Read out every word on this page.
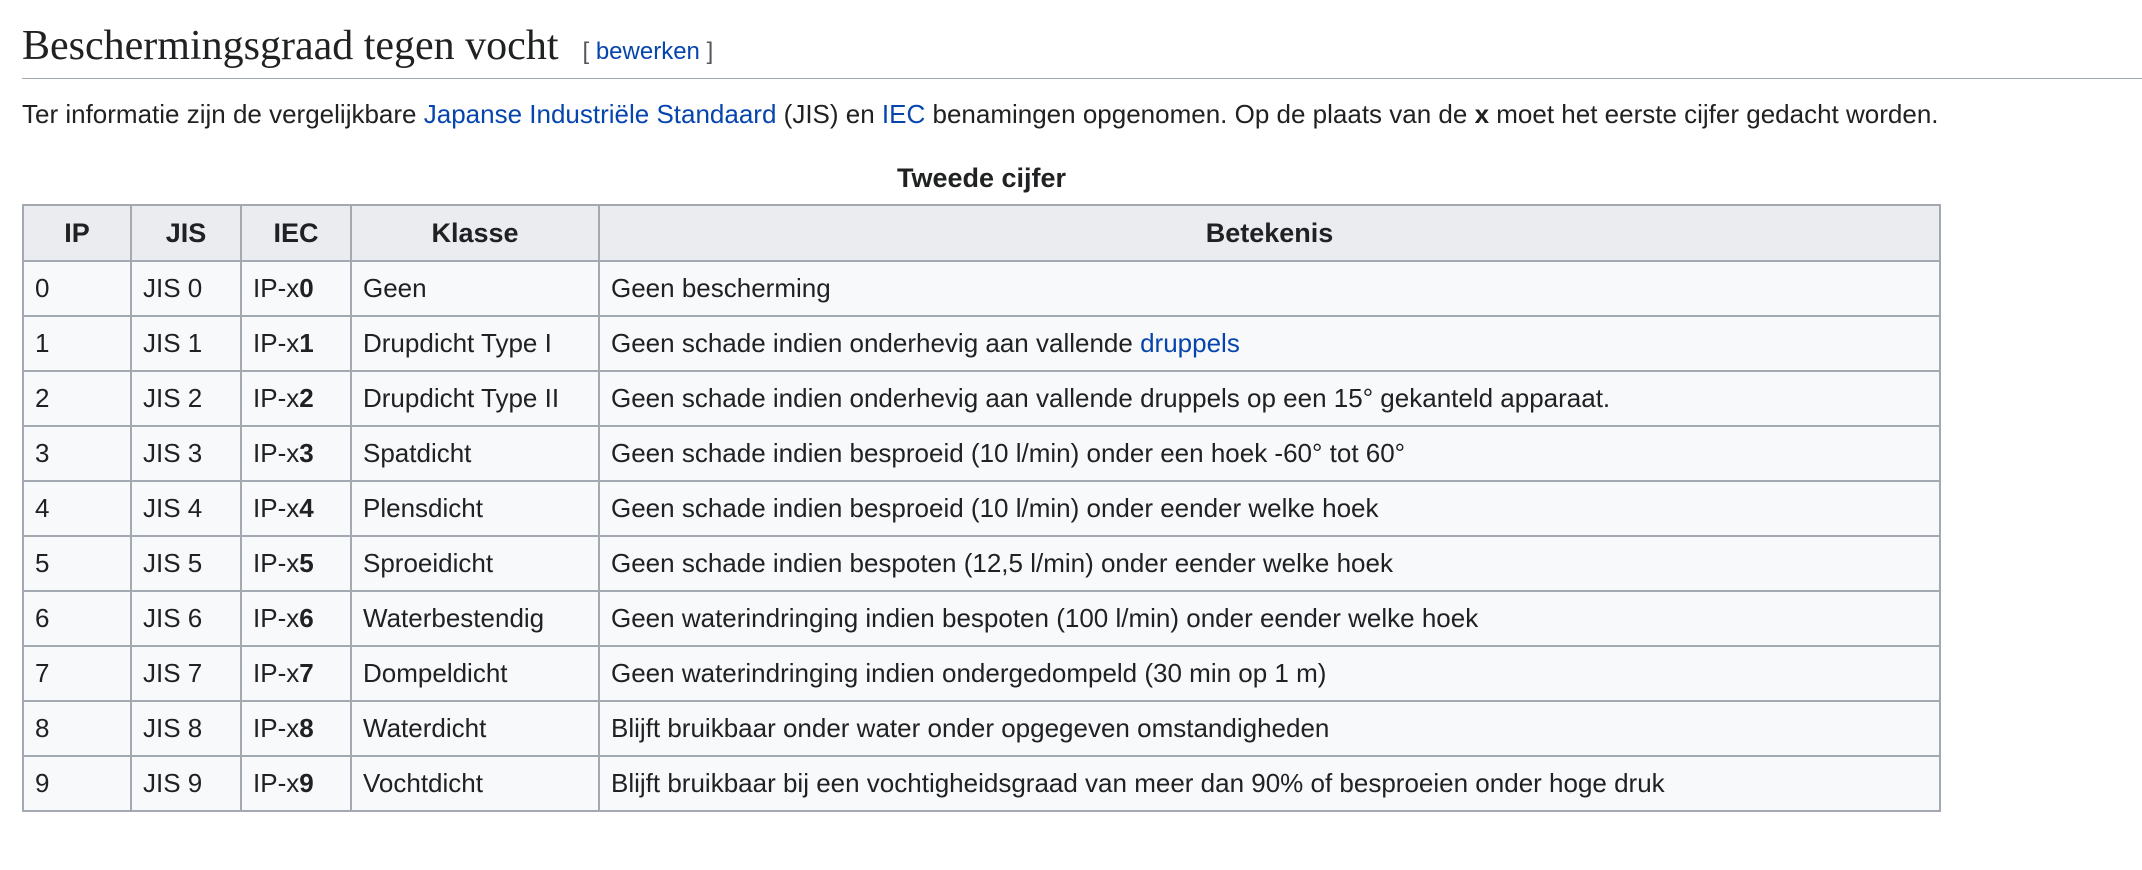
Beschermingsgraad tegen vocht [ bewerken ]

Ter informatie zijn de vergelijkbare Japanse Industriële Standaard (JIS) en IEC benamingen opgenomen. Op de plaats van de x moet het eerste cijfer gedacht worden.

Tweede cijfer
IP	JIS	IEC	Klasse	Betekenis
0	JIS 0	IP-x0	Geen	Geen bescherming
1	JIS 1	IP-x1	Drupdicht Type I	Geen schade indien onderhevig aan vallende druppels
2	JIS 2	IP-x2	Drupdicht Type II	Geen schade indien onderhevig aan vallende druppels op een 15° gekanteld apparaat.
3	JIS 3	IP-x3	Spatdicht	Geen schade indien besproeid (10 l/min) onder een hoek -60° tot 60°
4	JIS 4	IP-x4	Plensdicht	Geen schade indien besproeid (10 l/min) onder eender welke hoek
5	JIS 5	IP-x5	Sproeidicht	Geen schade indien bespoten (12,5 l/min) onder eender welke hoek
6	JIS 6	IP-x6	Waterbestendig	Geen waterindringing indien bespoten (100 l/min) onder eender welke hoek
7	JIS 7	IP-x7	Dompeldicht	Geen waterindringing indien ondergedompeld (30 min op 1 m)
8	JIS 8	IP-x8	Waterdicht	Blijft bruikbaar onder water onder opgegeven omstandigheden
9	JIS 9	IP-x9	Vochtdicht	Blijft bruikbaar bij een vochtigheidsgraad van meer dan 90% of besproeien onder hoge druk
